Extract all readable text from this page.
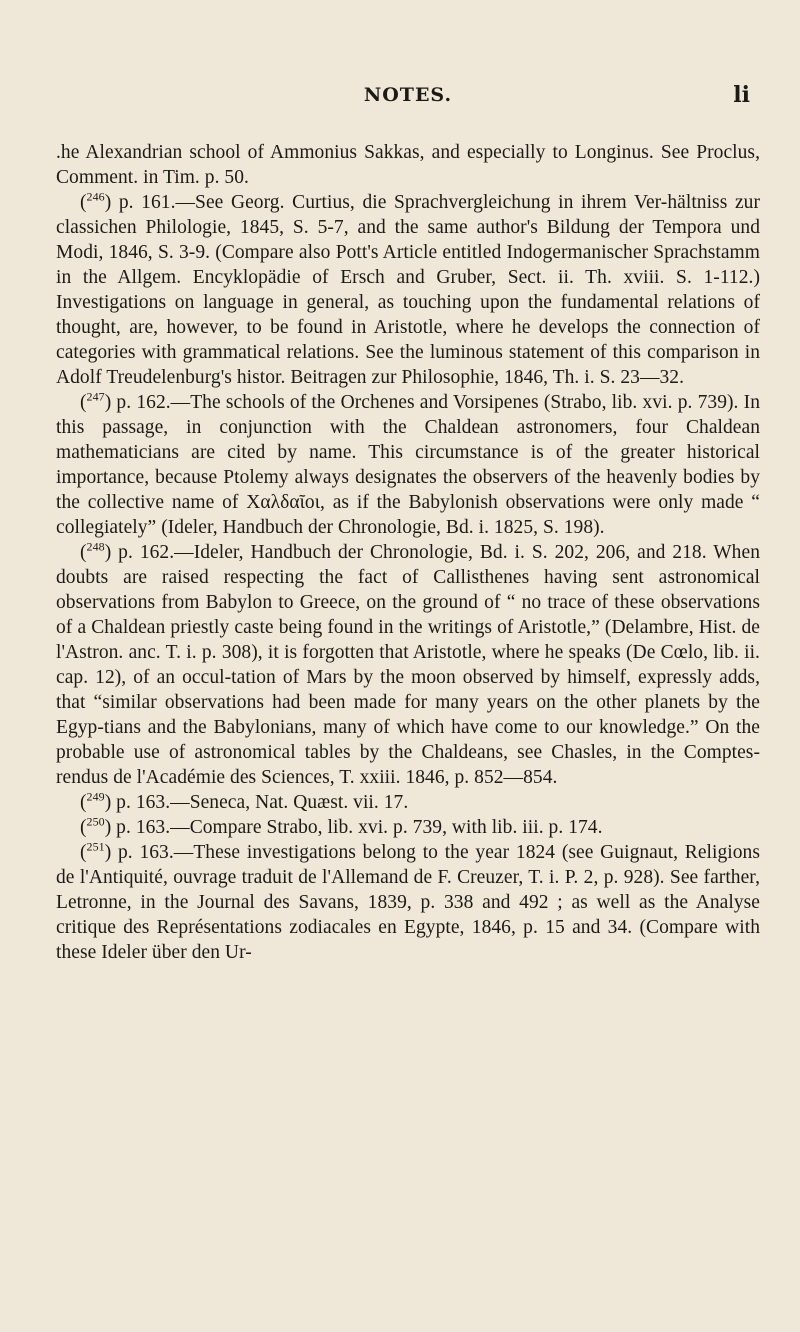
NOTES.	li

.he Alexandrian school of Ammonius Sakkas, and especially to Longinus. See Proclus, Comment. in Tim. p. 50.

($^{246}$) p. 161.—See Georg. Curtius, die Sprachvergleichung in ihrem Ver-hältniss zur classichen Philologie, 1845, S. 5-7, and the same author's Bildung der Tempora und Modi, 1846, S. 3-9. (Compare also Pott's Article entitled Indogermanischer Sprachstamm in the Allgem. Encyklopädie of Ersch and Gruber, Sect. ii. Th. xviii. S. 1-112.) Investigations on language in general, as touching upon the fundamental relations of thought, are, however, to be found in Aristotle, where he develops the connection of categories with grammatical relations. See the luminous statement of this comparison in Adolf Treudelenburg's histor. Beitragen zur Philosophie, 1846, Th. i. S. 23—32.

($^{247}$) p. 162.—The schools of the Orchenes and Vorsipenes (Strabo, lib. xvi. p. 739). In this passage, in conjunction with the Chaldean astronomers, four Chaldean mathematicians are cited by name. This circumstance is of the greater historical importance, because Ptolemy always designates the observers of the heavenly bodies by the collective name of Χαλδαῖοι, as if the Babylonish observations were only made “ collegiately” (Ideler, Handbuch der Chronologie, Bd. i. 1825, S. 198).

($^{248}$) p. 162.—Ideler, Handbuch der Chronologie, Bd. i. S. 202, 206, and 218. When doubts are raised respecting the fact of Callisthenes having sent astronomical observations from Babylon to Greece, on the ground of “ no trace of these observations of a Chaldean priestly caste being found in the writings of Aristotle,” (Delambre, Hist. de l'Astron. anc. T. i. p. 308), it is forgotten that Aristotle, where he speaks (De Cœlo, lib. ii. cap. 12), of an occul-tation of Mars by the moon observed by himself, expressly adds, that “similar observations had been made for many years on the other planets by the Egyp-tians and the Babylonians, many of which have come to our knowledge.” On the probable use of astronomical tables by the Chaldeans, see Chasles, in the Comptes-rendus de l'Académie des Sciences, T. xxiii. 1846, p. 852—854.

($^{249}$) p. 163.—Seneca, Nat. Quæst. vii. 17.

($^{250}$) p. 163.—Compare Strabo, lib. xvi. p. 739, with lib. iii. p. 174.

($^{251}$) p. 163.—These investigations belong to the year 1824 (see Guignaut, Religions de l'Antiquité, ouvrage traduit de l'Allemand de F. Creuzer, T. i. P. 2, p. 928). See farther, Letronne, in the Journal des Savans, 1839, p. 338 and 492 ; as well as the Analyse critique des Représentations zodiacales en Egypte, 1846, p. 15 and 34. (Compare with these Ideler über den Ur-
